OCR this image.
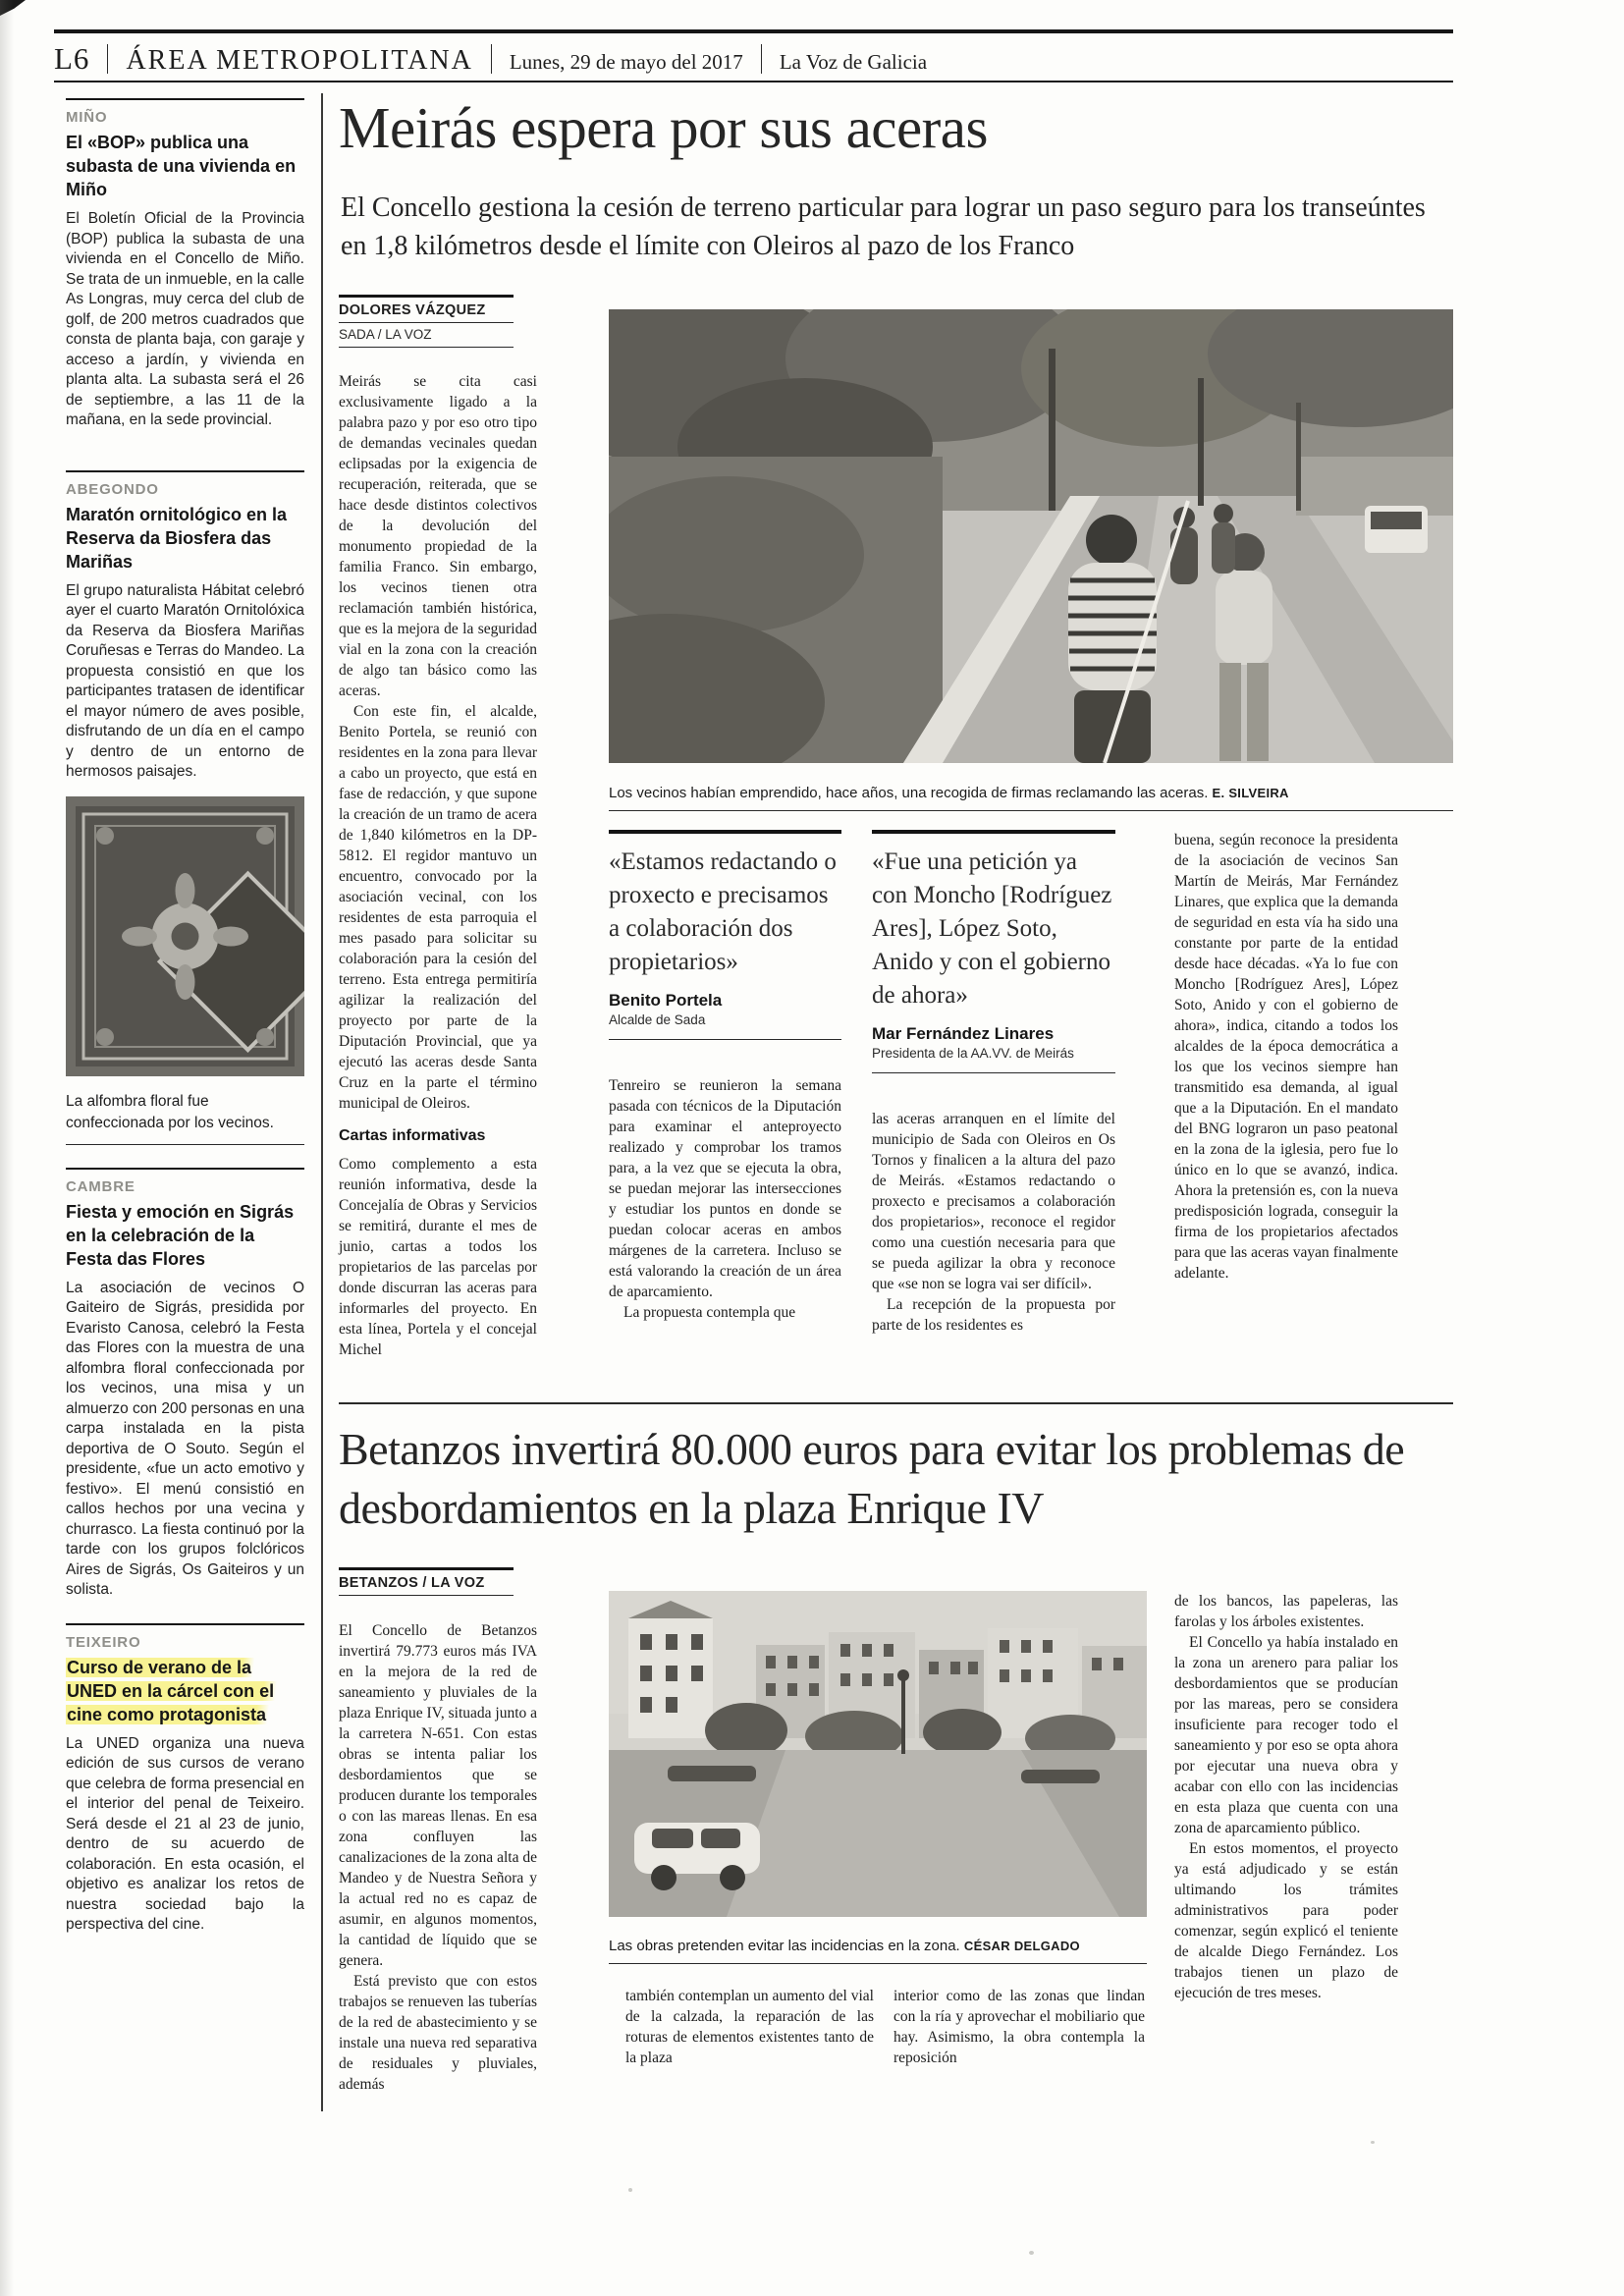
L6 ÁREA METROPOLITANA Lunes, 29 de mayo del 2017 La Voz de Galicia

MIÑO

El «BOP» publica una subasta de una vivienda en Miño

El Boletín Oficial de la Provincia (BOP) publica la subasta de una vivienda en el Concello de Miño. Se trata de un inmueble, en la calle As Longras, muy cerca del club de golf, de 200 metros cuadrados que consta de planta baja, con garaje y acceso a jardín, y vivienda en planta alta. La subasta será el 26 de septiembre, a las 11 de la mañana, en la sede provincial.

ABEGONDO

Maratón ornitológico en la Reserva da Biosfera das Mariñas

El grupo naturalista Hábitat celebró ayer el cuarto Maratón Ornitolóxica da Reserva da Biosfera Mariñas Coruñesas e Terras do Mandeo. La propuesta consistió en que los participantes tratasen de identificar el mayor número de aves posible, disfrutando de un día en el campo y dentro de un entorno de hermosos paisajes.

La alfombra floral fue confeccionada por los vecinos.

CAMBRE

Fiesta y emoción en Sigrás en la celebración de la Festa das Flores

La asociación de vecinos O Gaiteiro de Sigrás, presidida por Evaristo Canosa, celebró la Festa das Flores con la muestra de una alfombra floral confeccionada por los vecinos, una misa y un almuerzo con 200 personas en una carpa instalada en la pista deportiva de O Souto. Según el presidente, «fue un acto emotivo y festivo». El menú consistió en callos hechos por una vecina y churrasco. La fiesta continuó por la tarde con los grupos folclóricos Aires de Sigrás, Os Gaiteiros y un solista.

TEIXEIRO

Curso de verano de la UNED en la cárcel con el cine como protagonista

La UNED organiza una nueva edición de sus cursos de verano que celebra de forma presencial en el interior del penal de Teixeiro. Será desde el 21 al 23 de junio, dentro de su acuerdo de colaboración. En esta ocasión, el objetivo es analizar los retos de nuestra sociedad bajo la perspectiva del cine.

Meirás espera por sus aceras

El Concello gestiona la cesión de terreno particular para lograr un paso seguro para los transeúntes en 1,8 kilómetros desde el límite con Oleiros al pazo de los Franco

DOLORES VÁZQUEZ
SADA / LA VOZ

Los vecinos habían emprendido, hace años, una recogida de firmas reclamando las aceras. E. SILVEIRA

Meirás se cita casi exclusivamente ligado a la palabra pazo y por eso otro tipo de demandas vecinales quedan eclipsadas por la exigencia de recuperación, reiterada, que se hace desde distintos colectivos de la devolución del monumento propiedad de la familia Franco. Sin embargo, los vecinos tienen otra reclamación también histórica, que es la mejora de la seguridad vial en la zona con la creación de algo tan básico como las aceras.

Con este fin, el alcalde, Benito Portela, se reunió con residentes en la zona para llevar a cabo un proyecto, que está en fase de redacción, y que supone la creación de un tramo de acera de 1,840 kilómetros en la DP-5812. El regidor mantuvo un encuentro, convocado por la asociación vecinal, con los residentes de esta parroquia el mes pasado para solicitar su colaboración para la cesión del terreno. Esta entrega permitiría agilizar la realización del proyecto por parte de la Diputación Provincial, que ya ejecutó las aceras desde Santa Cruz en la parte el término municipal de Oleiros.

Cartas informativas

Como complemento a esta reunión informativa, desde la Concejalía de Obras y Servicios se remitirá, durante el mes de junio, cartas a todos los propietarios de las parcelas por donde discurran las aceras para informarles del proyecto. En esta línea, Portela y el concejal Michel

«Estamos redactando o proxecto e precisamos a colaboración dos propietarios»

Benito Portela
Alcalde de Sada

Tenreiro se reunieron la semana pasada con técnicos de la Diputación para examinar el anteproyecto realizado y comprobar los tramos para, a la vez que se ejecuta la obra, se puedan mejorar las intersecciones y estudiar los puntos en donde se puedan colocar aceras en ambos márgenes de la carretera. Incluso se está valorando la creación de un área de aparcamiento.

La propuesta contempla que

«Fue una petición ya con Moncho [Rodríguez Ares], López Soto, Anido y con el gobierno de ahora»

Mar Fernández Linares
Presidenta de la AA.VV. de Meirás

las aceras arranquen en el límite del municipio de Sada con Oleiros en Os Tornos y finalicen a la altura del pazo de Meirás. «Estamos redactando o proxecto e precisamos a colaboración dos propietarios», reconoce el regidor como una cuestión necesaria para que se pueda agilizar la obra y reconoce que «se non se logra vai ser difícil».

La recepción de la propuesta por parte de los residentes es

buena, según reconoce la presidenta de la asociación de vecinos San Martín de Meirás, Mar Fernández Linares, que explica que la demanda de seguridad en esta vía ha sido una constante por parte de la entidad desde hace décadas. «Ya lo fue con Moncho [Rodríguez Ares], López Soto, Anido y con el gobierno de ahora», indica, citando a todos los alcaldes de la época democrática a los que los vecinos siempre han transmitido esa demanda, al igual que a la Diputación. En el mandato del BNG lograron un paso peatonal en la zona de la iglesia, pero fue lo único en lo que se avanzó, indica. Ahora la pretensión es, con la nueva predisposición lograda, conseguir la firma de los propietarios afectados para que las aceras vayan finalmente adelante.

Betanzos invertirá 80.000 euros para evitar los problemas de desbordamientos en la plaza Enrique IV
BETANZOS / LA VOZ

El Concello de Betanzos invertirá 79.773 euros más IVA en la mejora de la red de saneamiento y pluviales de la plaza Enrique IV, situada junto a la carretera N-651. Con estas obras se intenta paliar los desbordamientos que se producen durante los temporales o con las mareas llenas. En esa zona confluyen las canalizaciones de la zona alta de Mandeo y de Nuestra Señora y la actual red no es capaz de asumir, en algunos momentos, la cantidad de líquido que se genera.

Está previsto que con estos trabajos se renueven las tuberías de la red de abastecimiento y se instale una nueva red separativa de residuales y pluviales, además

Las obras pretenden evitar las incidencias en la zona. CÉSAR DELGADO

también contemplan un aumento del vial de la calzada, la reparación de las roturas de elementos existentes tanto de la plaza

interior como de las zonas que lindan con la ría y aprovechar el mobiliario que hay. Asimismo, la obra contempla la reposición

de los bancos, las papeleras, las farolas y los árboles existentes.

El Concello ya había instalado en la zona un arenero para paliar los desbordamientos que se producían por las mareas, pero se considera insuficiente para recoger todo el saneamiento y por eso se opta ahora por ejecutar una nueva obra y acabar con ello con las incidencias en esta plaza que cuenta con una zona de aparcamiento público.

En estos momentos, el proyecto ya está adjudicado y se están ultimando los trámites administrativos para poder comenzar, según explicó el teniente de alcalde Diego Fernández. Los trabajos tienen un plazo de ejecución de tres meses.
